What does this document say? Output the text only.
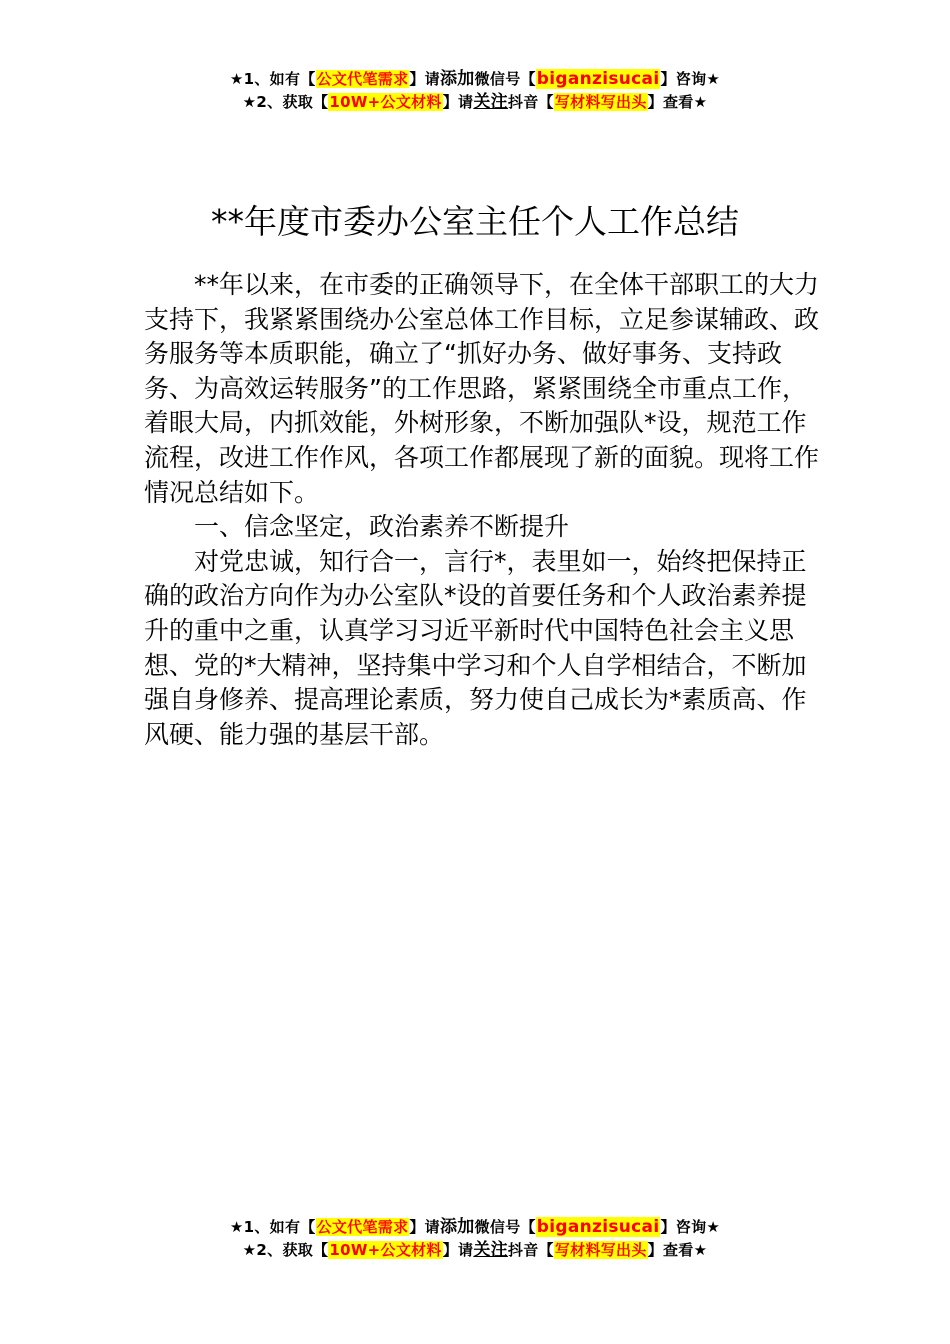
★1、如有【公文代笔需求】请添加微信号【biganzisucai】咨询★
★2、获取【10W+公文材料】请关注抖音【写材料写出头】查看★
**年度市委办公室主任个人工作总结

**年以来，在市委的正确领导下，在全体干部职工的大力支持下，我紧紧围绕办公室总体工作目标，立足参谋辅政、政务服务等本质职能，确立了“抓好办务、做好事务、支持政务、为高效运转服务”的工作思路，紧紧围绕全市重点工作，着眼大局，内抓效能，外树形象，不断加强队*设，规范工作流程，改进工作作风，各项工作都展现了新的面貌。现将工作情况总结如下。

一、信念坚定，政治素养不断提升

对党忠诚，知行合一，言行*，表里如一，始终把保持正确的政治方向作为办公室队*设的首要任务和个人政治素养提升的重中之重，认真学习习近平新时代中国特色社会主义思想、党的*大精神，坚持集中学习和个人自学相结合，不断加强自身修养、提高理论素质，努力使自己成长为*素质高、作风硬、能力强的基层干部。

★1、如有【公文代笔需求】请添加微信号【biganzisucai】咨询★
★2、获取【10W+公文材料】请关注抖音【写材料写出头】查看★
